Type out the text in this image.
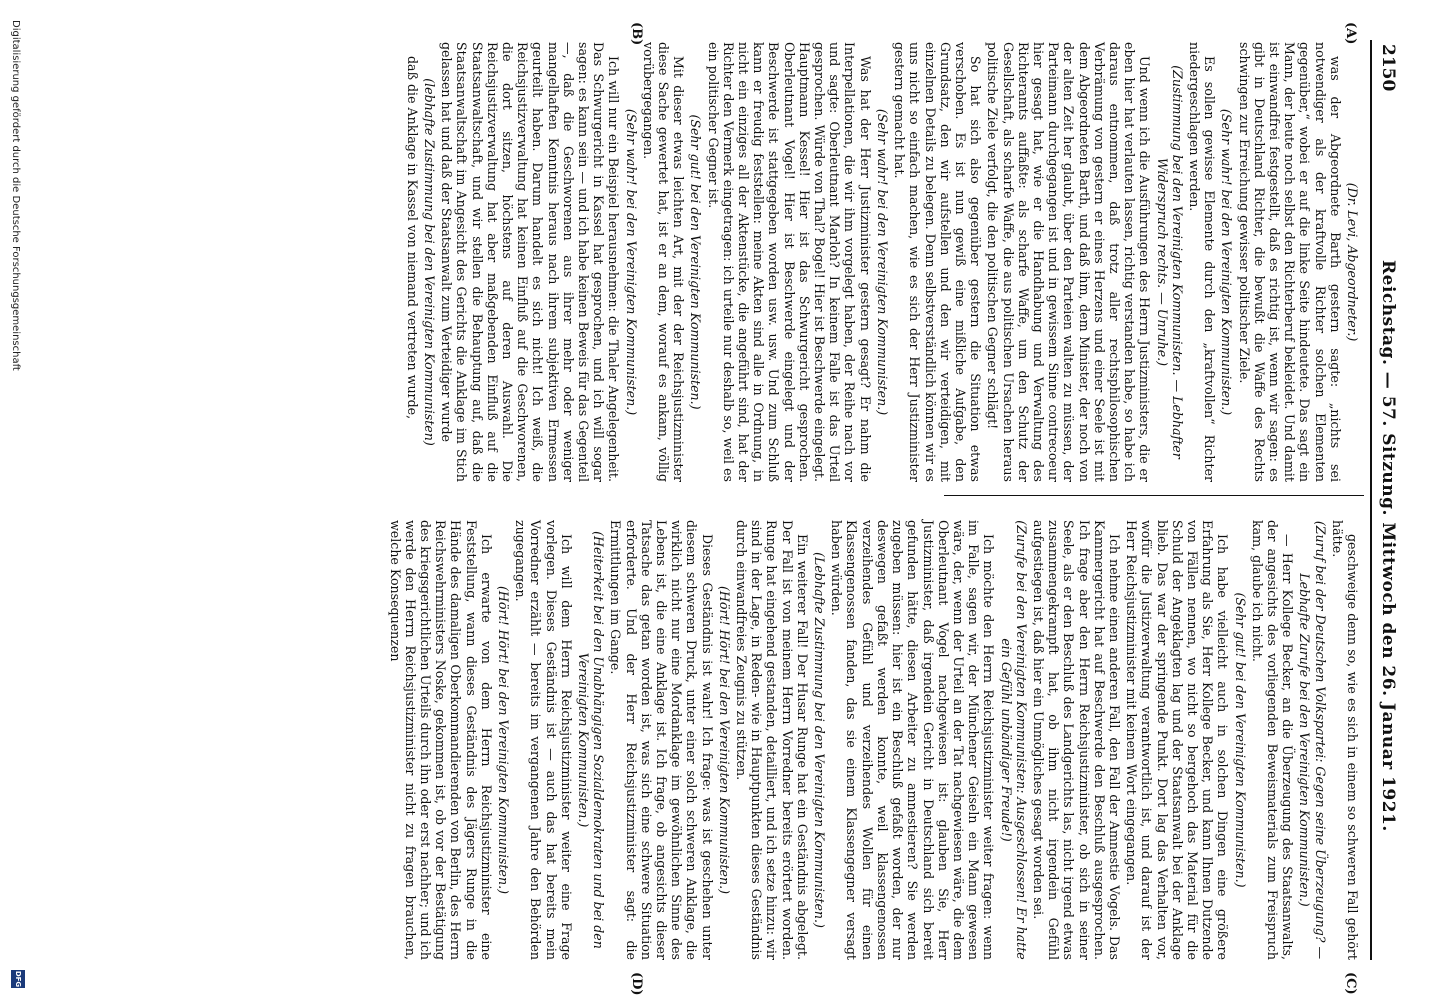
2150
Reichstag. — 57. Sitzung. Mittwoch den 26. Januar 1921.
(A)
(B)
(C)
(D)

(Dr. Levi, Abgeordneter.)

was der Abgeordnete Barth gestern sagte: „nichts sei notwendiger als der kraftvolle Richter solchen Elementen gegenüber,“ wobei er auf die linke Seite hindeutete. Das sagt ein Mann, der heute noch selbst den Richterberuf bekleidet. Und damit ist einwandfrei festgestellt, daß es richtig ist, wenn wir sagen: es gibt in Deutschland Richter, die bewußt die Waffe des Rechts schwingen zur Erreichung gewisser politischer Ziele.

(Sehr wahr! bei den Vereinigten Kommunisten.)

Es sollen gewisse Elemente durch den „kraftvollen“ Richter niedergeschlagen werden.

(Zustimmung bei den Vereinigten Kommunisten. — Lebhafter Widerspruch rechts. — Unruhe.)

Und wenn ich die Ausführungen des Herrn Justizministers, die er eben hier hat verlauten lassen, richtig verstanden habe, so habe ich daraus entnommen, daß trotz aller rechtsphilosophischen Verbrämung von gestern er eines Herzens und einer Seele ist mit dem Abgeordneten Barth, und daß ihm, dem Minister, der noch von der alten Zeit her glaubt, über den Parteien walten zu müssen, der Parteimann durchgegangen ist und in gewissem Sinne contrecoeur hier gesagt hat, wie er die Handhabung und Verwaltung des Richteramts auffaßte: als scharfe Waffe, um den Schutz der Gesellschaft, als scharfe Waffe, die aus politischen Ursachen heraus politische Ziele verfolgt, die den politischen Gegner schlägt!

So hat sich also gegenüber gestern die Situation etwas verschoben. Es ist nun gewiß eine mißliche Aufgabe, den Grundsatz, den wir aufstellen und den wir verteidigen, mit einzelnen Details zu belegen. Denn selbstverständlich können wir es uns nicht so einfach machen, wie es sich der Herr Justizminister gestern gemacht hat.

(Sehr wahr! bei den Vereinigten Kommunisten.)

Was hat der Herr Justizminister gestern gesagt? Er nahm die Interpellationen, die wir ihm vorgelegt haben, der Reihe nach vor und sagte: Oberleutnant Marloh? In keinem Falle ist das Urteil gesprochen. Würde von Thal? Bogel! Hier ist Beschwerde eingelegt. Hauptmann Kessel! Hier ist das Schwurgericht gesprochen. Oberleutnant Vogel! Hier ist Beschwerde eingelegt und der Beschwerde ist stattgegeben worden usw. usw. Und zum Schluß kann er freudig feststellen: meine Akten sind alle in Ordnung, in nicht ein einziges all der Aktenstücke, die angeführt sind, hat der Richter den Vermerk eingetragen: ich urteile nur deshalb so, weil es ein politischer Gegner ist.

(Sehr gut! bei den Vereinigten Kommunisten.)

Mit dieser etwas leichten Art, mit der der Reichsjustizminister diese Sache gewertet hat, ist er an dem, worauf es ankam, völlig vorübergegangen.

(Sehr wahr! bei den Vereinigten Kommunisten.)

Ich will nur ein Beispiel herausnehmen: die Thaler Angelegenheit. Das Schwurgericht in Kassel hat gesprochen, und ich will sogar sagen: es kann sein — und ich habe keinen Beweis für das Gegenteil —, daß die Geschworenen aus ihrer mehr oder weniger mangelhaften Kenntnis heraus nach ihrem subjektiven Ermessen geurteilt haben. Darum handelt es sich nicht! Ich weiß, die Reichsjustizverwaltung hat keinen Einfluß auf die Geschworenen, die dort sitzen, höchstens auf deren Auswahl. Die Reichsjustizverwaltung hat aber maßgebenden Einfluß auf die Staatsanwaltschaft, und wir stellen die Behauptung auf, daß die Staatsanwaltschaft im Angesicht des Gerichts die Anklage im Stich gelassen hat und daß der Staatsanwalt zum Verteidiger wurde

(lebhafte Zustimmung bei den Vereinigten Kommunisten)

daß die Anklage in Kassel von niemand vertreten wurde,

geschweige denn so, wie es sich in einem so schweren Fall gehört hätte.

(Zuruf bei der Deutschen Volkspartei: Gegen seine Überzeugung? — Lebhafte Zurufe bei den Vereinigten Kommunisten.)

— Herr Kollege Becker, an die Überzeugung des Staatsanwalts, der angesichts des vorliegenden Beweismaterials zum Freispruch kam, glaube ich nicht.

(Sehr gut! bei den Vereinigten Kommunisten.)

Ich habe vielleicht auch in solchen Dingen eine größere Erfahrung als Sie, Herr Kollege Becker, und kann Ihnen Dutzende von Fällen nennen, wo nicht so bergehoch das Material für die Schuld der Angeklagten lag und der Staatsanwalt bei der Anklage blieb. Das war der springende Punkt. Dort lag das Verhalten vor, wofür die Justizverwaltung verantwortlich ist, und darauf ist der Herr Reichsjustizminister mit keinem Wort eingegangen.

Ich nehme einen anderen Fall, den Fall der Amnestie Vogels. Das Kammergericht hat auf Beschwerde den Beschluß ausgesprochen. Ich frage aber den Herrn Reichsjustizminister, ob sich in seiner Seele, als er den Beschluß des Landgerichts las, nicht irgend etwas zusammengekrampft hat, ob ihm nicht irgendein Gefühl aufgestiegen ist, daß hier ein Unmögliches gesagt worden sei.

(Zurufe bei den Vereinigten Kommunisten: Ausgeschlossen! Er hatte ein Gefühl unbändiger Freude!)

Ich möchte den Herrn Reichsjustizminister weiter fragen: wenn im Falle, sagen wir, der Münchener Geiseln ein Mann gewesen wäre, der, wenn der Urteil an der Tat nachgewiesen wäre, die dem Oberleutnant Vogel nachgewiesen ist: glauben Sie, Herr Justizminister, daß irgendein Gericht in Deutschland sich bereit gefunden hätte, diesen Arbeiter zu amnestieren? Sie werden zugeben müssen: hier ist ein Beschluß gefaßt worden, der nur deswegen gefaßt werden konnte, weil klassengenossen verzeihendes Gefühl und verzeihendes Wollen für einen Klassengenossen fanden, das sie einem Klassengegner versagt haben würden.

(Lebhafte Zustimmung bei den Vereinigten Kommunisten.)

Ein weiterer Fall! Der Husar Runge hat ein Geständnis abgelegt. Der Fall ist von meinem Herrn Vorredner bereits erörtert worden. Runge hat eingehend gestanden, detailliert, und ich setze hinzu: wir sind in der Lage, in Reden- wie in Hauptpunkten dieses Geständnis durch einwandfreies Zeugnis zu stützen.

(Hört! Hört! bei den Vereinigten Kommunisten.)

Dieses Geständnis ist wahr! Ich frage: was ist geschehen unter diesem schweren Druck, unter einer solch schweren Anklage, die wirklich nicht nur eine Mordanklage im gewöhnlichen Sinne des Lebens ist, die eine Anklage ist. Ich frage, ob angesichts dieser Tatsache das getan worden ist, was sich eine schwere Situation erforderte. Und der Herr Reichsjustizminister sagt: die Ermittlungen im Gange.

(Heiterkeit bei den Unabhängigen Sozialdemokraten und bei den Vereinigten Kommunisten.)

Ich will dem Herrn Reichsjustizminister weiter eine Frage vorlegen. Dieses Geständnis ist — auch das hat bereits mein Vorredner erzählt — bereits im vergangenen Jahre den Behörden zugegangen.

(Hört! Hört! bei den Vereinigten Kommunisten.)

Ich erwarte von dem Herrn Reichsjustizminister eine Feststellung, wann dieses Geständnis des Jägers Runge in die Hände des damaligen Oberkommandierenden von Berlin, des Herrn Reichswehrministers Noske, gekommen ist, ob vor der Bestätigung des kriegsgerichtlichen Urteils durch ihn oder erst nachher; und ich werde den Herrn Reichsjustizminister nicht zu fragen brauchen, welche Konsequenzen

Digitalisierung gefördert durch die Deutsche Forschungsgemeinschaft
DFG
